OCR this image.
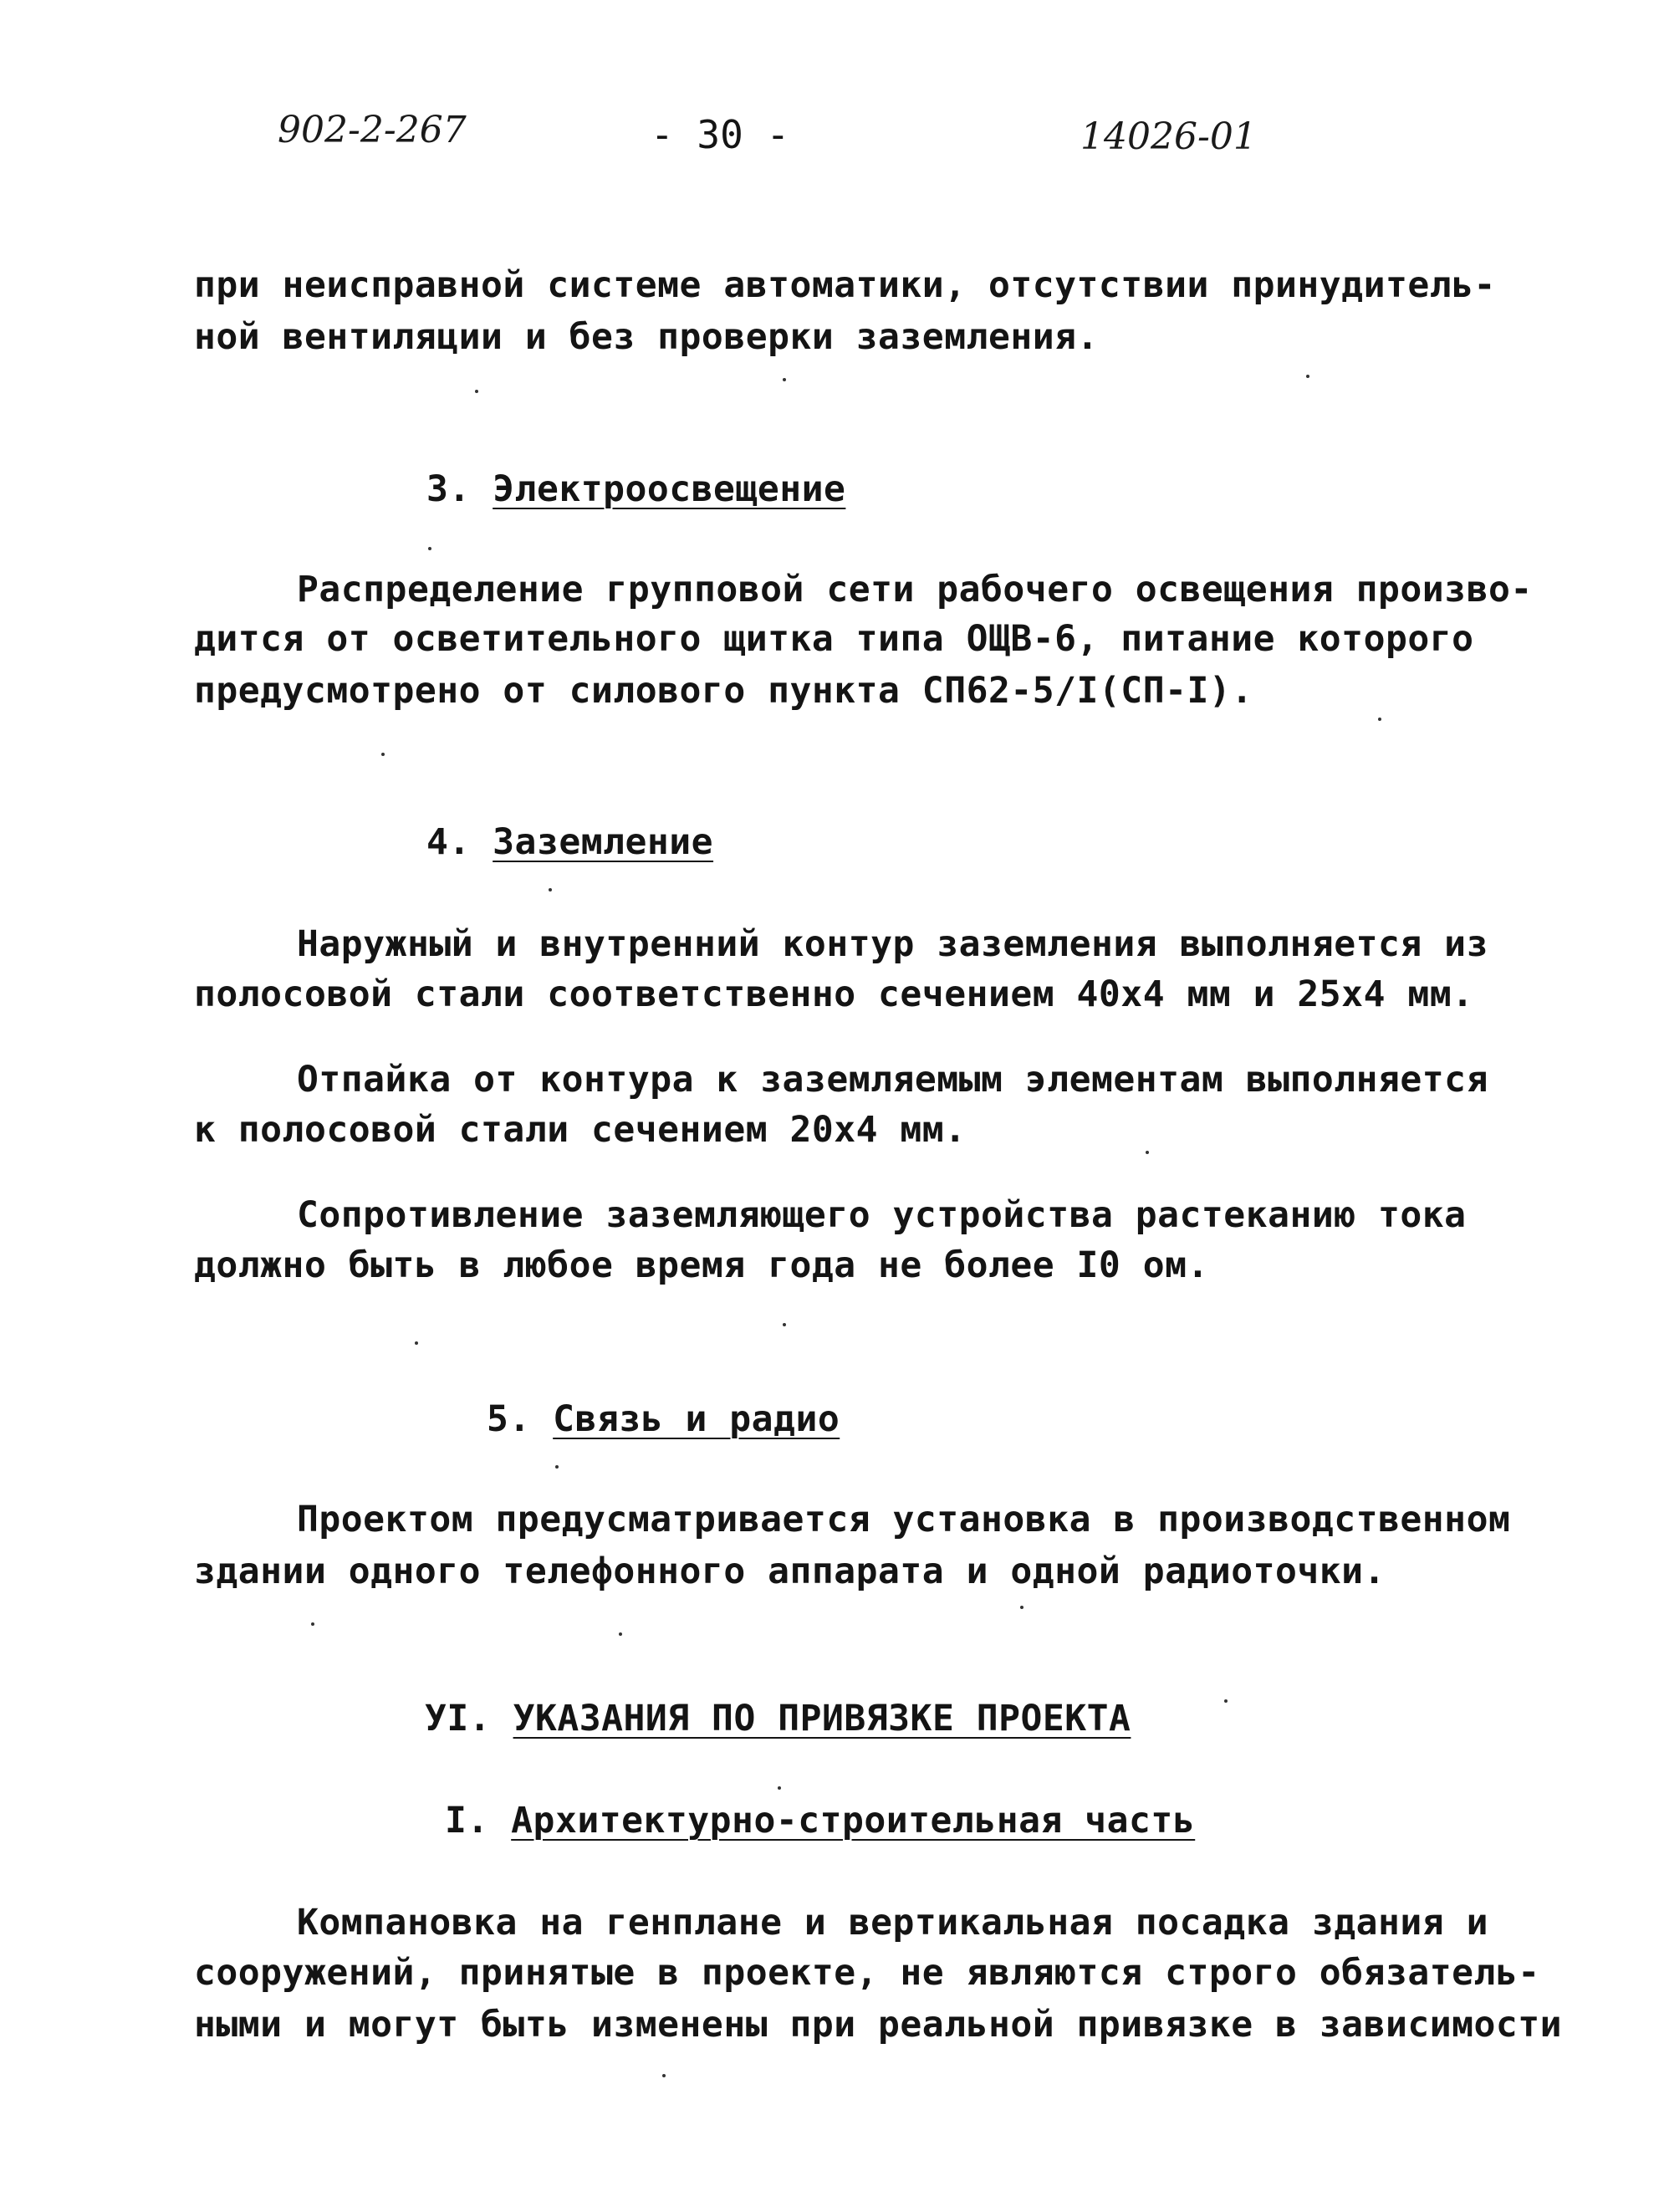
902-2-267	- 30 -	14026-01
при неисправной системе автоматики, отсутствии принудитель-
ной вентиляции и без проверки заземления.
3. Электроосвещение
Распределение групповой сети рабочего освещения произво-
дится от осветительного щитка типа ОЩВ-6, питание которого
предусмотрено от силового пункта СП62-5/I(СП-I).
4. Заземление
Наружный и внутренний контур заземления выполняется из
полосовой стали соответственно сечением 40х4 мм и 25х4 мм.
Отпайка от контура к заземляемым элементам выполняется
к полосовой стали сечением 20х4 мм.
Сопротивление заземляющего устройства растеканию тока
должно быть в любое время года не более I0 ом.
5. Связь и радио
Проектом предусматривается установка в производственном
здании одного телефонного аппарата и одной радиоточки.
УI. УКАЗАНИЯ ПО ПРИВЯЗКЕ ПРОЕКТА
I. Архитектурно-строительная часть
Компановка на генплане и вертикальная посадка здания и
сооружений, принятые в проекте, не являются строго обязатель-
ными и могут быть изменены при реальной привязке в зависимости
